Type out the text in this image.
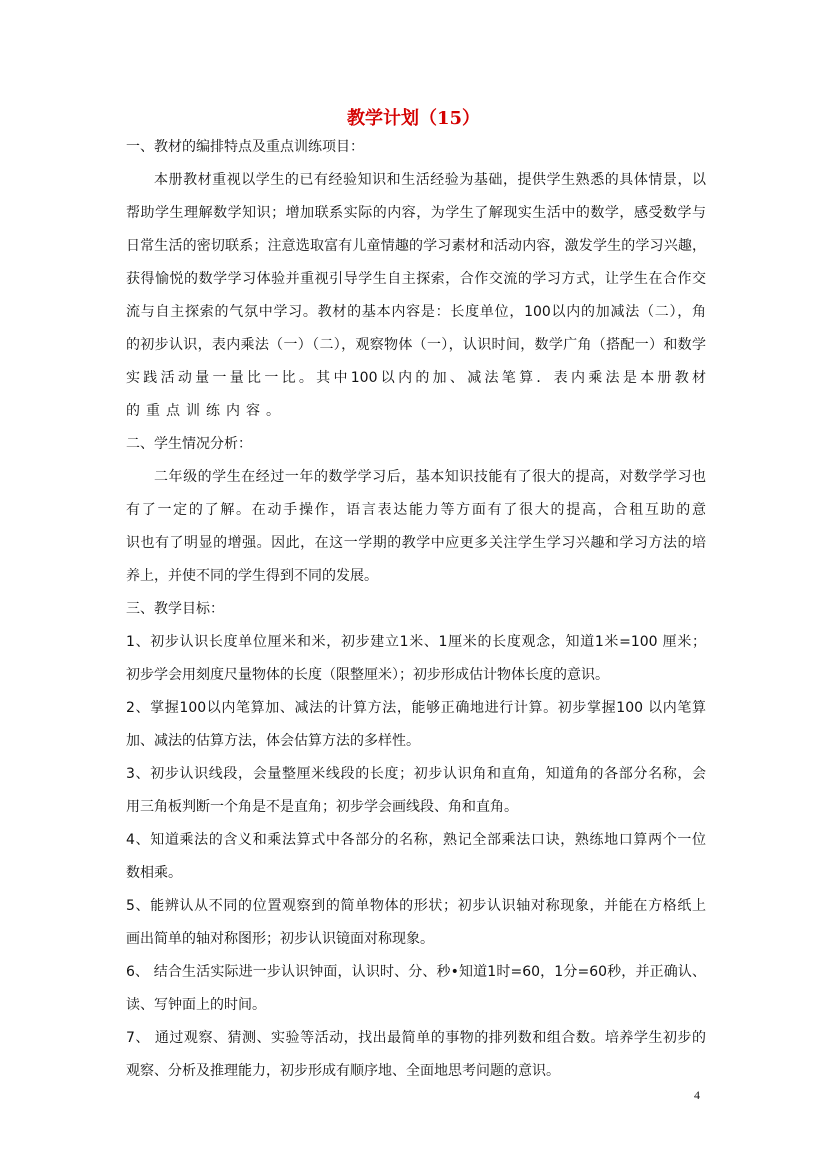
教学计划（15）
一、教材的编排特点及重点训练项目：
本册教材重视以学生的已有经验知识和生活经验为基础，提供学生熟悉的具体情景，以
帮助学生理解数学知识；增加联系实际的内容，为学生了解现实生活中的数学，感受数学与
日常生活的密切联系；注意选取富有儿童情趣的学习素材和活动内容，激发学生的学习兴趣，
获得愉悦的数学学习体验并重视引导学生自主探索，合作交流的学习方式，让学生在合作交
流与自主探索的气氛中学习。教材的基本内容是：长度单位，100以内的加减法（二），角
的初步认识，表内乘法（一）（二），观察物体（一），认识时间，数学广角（搭配一）和数学
实践活动量一量比一比。其中100以内的加、减法笔算．表内乘法是本册教材
的重点训练内容。
二、学生情况分析：
二年级的学生在经过一年的数学学习后，基本知识技能有了很大的提高，对数学学习也
有了一定的了解。在动手操作，语言表达能力等方面有了很大的提高，合租互助的意
识也有了明显的增强。因此，在这一学期的教学中应更多关注学生学习兴趣和学习方法的培
养上，并使不同的学生得到不同的发展。
三、教学目标：
1、初步认识长度单位厘米和米，初步建立1米、1厘米的长度观念，知道1米=100 厘米；
初步学会用刻度尺量物体的长度（限整厘米）；初步形成估计物体长度的意识。
2、掌握100以内笔算加、减法的计算方法，能够正确地进行计算。初步掌握100 以内笔算
加、减法的估算方法，体会估算方法的多样性。
3、初步认识线段，会量整厘米线段的长度；初步认识角和直角，知道角的各部分名称，会
用三角板判断一个角是不是直角；初步学会画线段、角和直角。
4、知道乘法的含义和乘法算式中各部分的名称，熟记全部乘法口诀，熟练地口算两个一位
数相乘。
5、能辨认从不同的位置观察到的简单物体的形状；初步认识轴对称现象，并能在方格纸上
画出简单的轴对称图形；初步认识镜面对称现象。
6、 结合生活实际进一步认识钟面，认识时、分、秒•知道1时=60，1分=60秒，并正确认、
读、写钟面上的时间。
7、 通过观察、猜测、实验等活动，找出最简单的事物的排列数和组合数。培养学生初步的
观察、分析及推理能力，初步形成有顺序地、全面地思考问题的意识。
4
